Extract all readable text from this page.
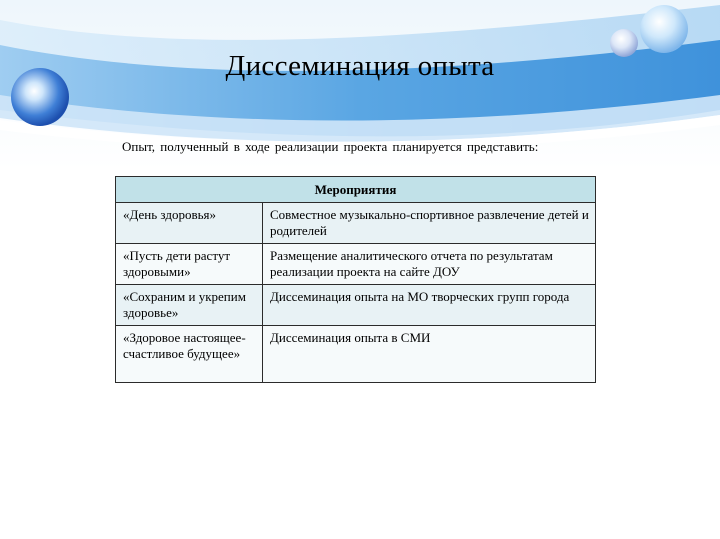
Диссеминация опыта
Опыт, полученный в ходе реализации проекта планируется представить:
Мероприятия	
«День здоровья»	Совместное музыкально-спортивное развлечение детей и родителей
«Пусть дети растут здоровыми»	Размещение аналитического отчета по результатам реализации проекта на сайте ДОУ
«Сохраним и укрепим здоровье»	Диссеминация опыта на МО творческих групп города
«Здоровое настоящее-счастливое будущее»	Диссеминация опыта в СМИ
